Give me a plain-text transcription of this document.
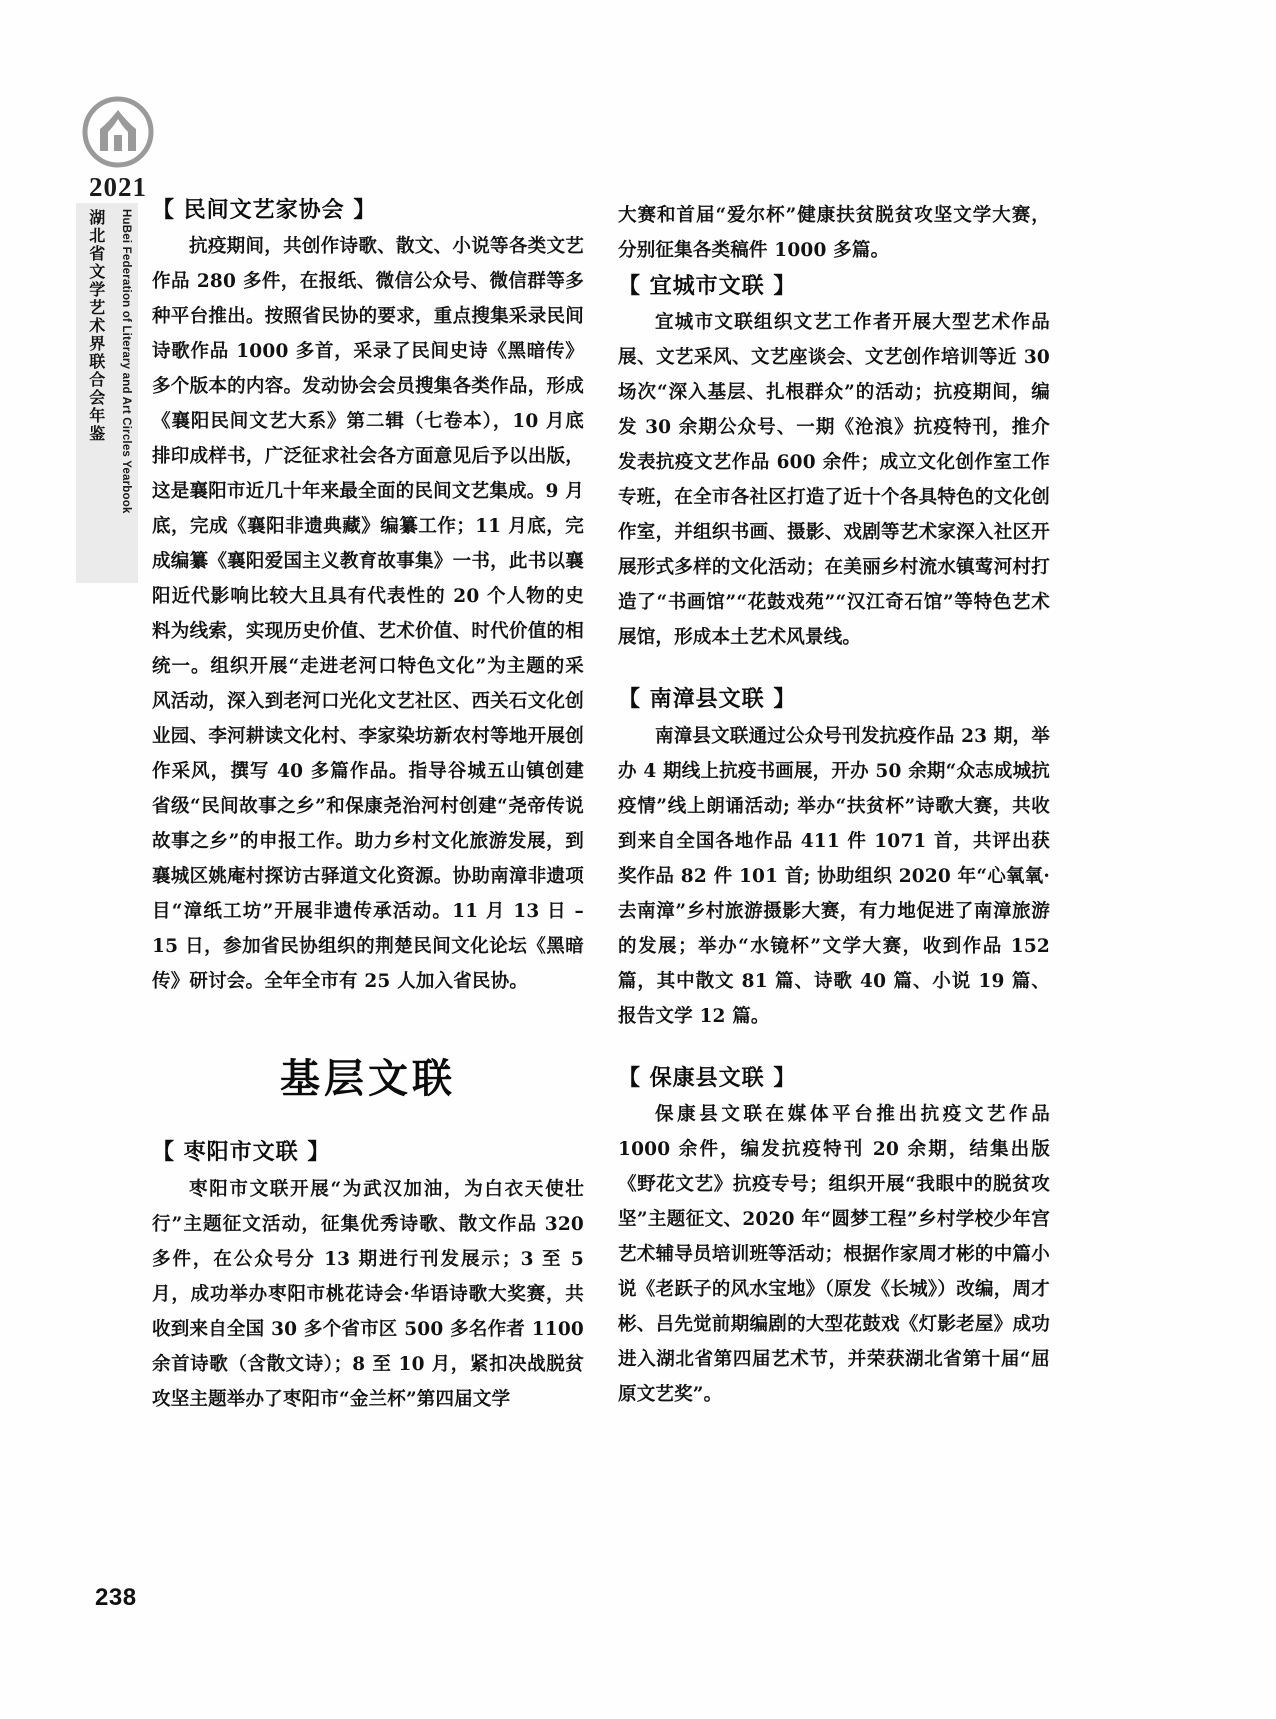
2021
湖北省文学艺术界联合会年鉴 HuBei Federation of Literary and Art Circles Yearbook 【 民间文艺家协会 】

抗疫期间，共创作诗歌、散文、小说等各类文艺作品 280 多件，在报纸、微信公众号、微信群等多种平台推出。按照省民协的要求，重点搜集采录民间诗歌作品 1000 多首，采录了民间史诗《黑暗传》多个版本的内容。发动协会会员搜集各类作品，形成《襄阳民间文艺大系》第二辑（七卷本），10 月底排印成样书，广泛征求社会各方面意见后予以出版，这是襄阳市近几十年来最全面的民间文艺集成。9 月底，完成《襄阳非遗典藏》编纂工作；11 月底，完成编纂《襄阳爱国主义教育故事集》一书，此书以襄阳近代影响比较大且具有代表性的 20 个人物的史料为线索，实现历史价值、艺术价值、时代价值的相统一。组织开展“走进老河口特色文化”为主题的采风活动，深入到老河口光化文艺社区、西关石文化创业园、李河耕读文化村、李家染坊新农村等地开展创作采风，撰写 40 多篇作品。指导谷城五山镇创建省级“民间故事之乡”和保康尧治河村创建“尧帝传说故事之乡”的申报工作。助力乡村文化旅游发展，到襄城区姚庵村探访古驿道文化资源。协助南漳非遗项目“漳纸工坊”开展非遗传承活动。11 月 13 日 –15 日，参加省民协组织的荆楚民间文化论坛《黑暗传》研讨会。全年全市有 25 人加入省民协。

基层文联
【 枣阳市文联 】

枣阳市文联开展“为武汉加油，为白衣天使壮行”主题征文活动，征集优秀诗歌、散文作品 320 多件，在公众号分 13 期进行刊发展示；3 至 5 月，成功举办枣阳市桃花诗会·华语诗歌大奖赛，共收到来自全国 30 多个省市区 500 多名作者 1100 余首诗歌（含散文诗）；8 至 10 月，紧扣决战脱贫攻坚主题举办了枣阳市“金兰杯”第四届文学

大赛和首届“爱尔杯”健康扶贫脱贫攻坚文学大赛，分别征集各类稿件 1000 多篇。

【 宜城市文联 】

宜城市文联组织文艺工作者开展大型艺术作品展、文艺采风、文艺座谈会、文艺创作培训等近 30 场次“深入基层、扎根群众”的活动；抗疫期间，编发 30 余期公众号、一期《沧浪》抗疫特刊，推介发表抗疫文艺作品 600 余件；成立文化创作室工作专班，在全市各社区打造了近十个各具特色的文化创作室，并组织书画、摄影、戏剧等艺术家深入社区开展形式多样的文化活动；在美丽乡村流水镇莺河村打造了“书画馆”“花鼓戏苑”“汉江奇石馆”等特色艺术展馆，形成本土艺术风景线。

【 南漳县文联 】

南漳县文联通过公众号刊发抗疫作品 23 期，举办 4 期线上抗疫书画展，开办 50 余期“众志成城抗疫情”线上朗诵活动; 举办“扶贫杯”诗歌大赛，共收到来自全国各地作品 411 件 1071 首，共评出获奖作品 82 件 101 首; 协助组织 2020 年“心氧氧·去南漳”乡村旅游摄影大赛，有力地促进了南漳旅游的发展；举办“水镜杯”文学大赛，收到作品 152 篇，其中散文 81 篇、诗歌 40 篇、小说 19 篇、报告文学 12 篇。

【 保康县文联 】

保康县文联在媒体平台推出抗疫文艺作品 1000 余件，编发抗疫特刊 20 余期，结集出版《野花文艺》抗疫专号；组织开展“我眼中的脱贫攻坚”主题征文、2020 年“圆梦工程”乡村学校少年宫艺术辅导员培训班等活动；根据作家周才彬的中篇小说《老跃子的风水宝地》（原发《长城》）改编，周才彬、吕先觉前期编剧的大型花鼓戏《灯影老屋》成功进入湖北省第四届艺术节，并荣获湖北省第十届“屈原文艺奖”。

238
